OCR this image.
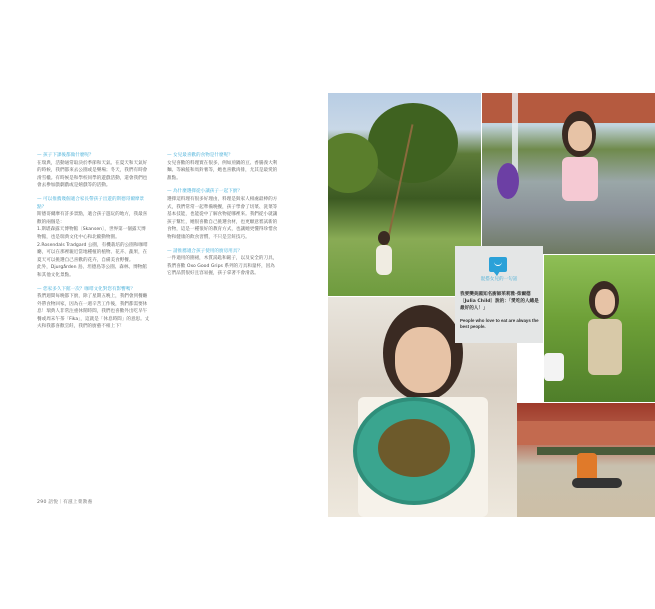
— 孩子下課後都做什麼呢？

在瑞典，活動通常取決於季節和天氣。在夏天和天氣好的時候，我們都來去公園或是樂場；冬天，我們有時會滑雪橇。有時候是和學校同學的遊戲活動，還會我們也會去參加戲劇戲或是嬉戲等的活動。

— 可以推薦幾個適合家長帶孩子出遊的斯德哥爾摩景點？

斯德哥爾摩有許多景點，適合孩子遊玩的地方，我最喜歡的兩個是：
1.斯堪森露天博物館〔Skansen〕，世界第一個露天博物館，也是瑞典文化中心和北歐動物園。
2.Rosendals Tradgard 公園，有機栽培的公園和咖啡廳，可以在那裡親近當地種植的植物、花卉、蔬果，在夏天可以挑選自己喜歡的花卉，自備美食野餐。
此外，Djurgården 島、坦德島等公園、森林、博物館和其他文化景點。

— 您家多久下館一次？咖啡文化對您有影響嗎？

我們週間每晚都下廚，除了星期五晚上，我們會到餐廳外帶食物回家，因為在一週辛苦工作後，我們都需要休息！瑞典人非常注重休閒時間，我們也喜歡外出吃早午餐或周末午茶「Fika」，這就是「休息時間」的意思。丈夫和我都喜歡烹飪，我們的廚藝不相上下！

— 女兒最喜歡的食物是什麼呢？

女兒喜歡的料理實在很多，例如煎鍋的豆、香腸義大利麵、等麻鮭和馬鈴薯等，她也喜歡肉排，尤其是最愛的甜點。

— 為什麼選擇從小讓孩子一起下廚？

選擇這料理有很多好理由，料理是與家人相處最棒的方式，我們常常一起準備晚餐，孩子學會了切菜、洗菜等基本技能，也能從中了解食物從哪裡來。我們從小就讓孩子幫忙，她很喜歡自己挑選食材，也更願意嘗試新的食物，這是一種很好的教育方式，也讓她更懂得珍惜食物和健康的飲食習慣，不只是烹飪技巧。

— 請推薦適合孩子使用的廚房用具？

一件適用的圍裙，木質湯匙和鏟子，以及安全的刀具，我們喜歡 Oxo Good Grips 系列的刀具和量杯，因為它們品質很好且容易握，孩子拿著不會滑落。

290 語悅｜有滋上菜教養
混搭女兒的一句話
我要變美國知名廚師茱莉雅·柴爾德〔Julia Child〕說的：「愛吃的人總是最好的人！」
People who love to eat are always the best people.
